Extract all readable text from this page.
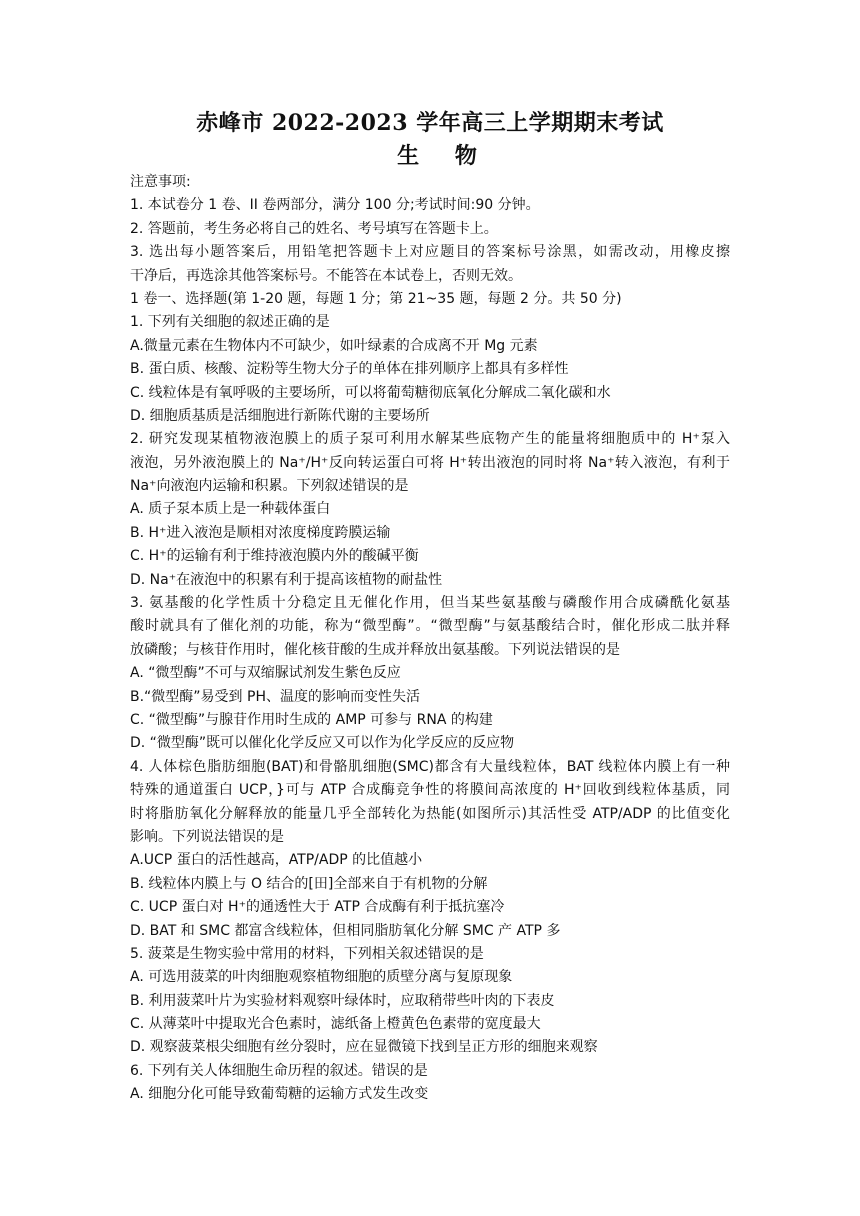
赤峰市 2022-2023 学年高三上学期期末考试
生 物
注意事项:
1. 本试卷分 1 卷、II 卷两部分，满分 100 分;考试时间:90 分钟。
2. 答题前，考生务必将自己的姓名、考号填写在答题卡上。
3. 选出每小题答案后，用铅笔把答题卡上对应题目的答案标号涂黑，如需改动，用橡皮擦
干净后，再选涂其他答案标号。不能答在本试卷上，否则无效。
1 卷一、选择题(第 1-20 题，每题 1 分；第 21~35 题，每题 2 分。共 50 分)
1. 下列有关细胞的叙述正确的是
A.微量元素在生物体内不可缺少，如叶绿素的合成离不开 Mg 元素
B. 蛋白质、核酸、淀粉等生物大分子的单体在排列顺序上都具有多样性
C. 线粒体是有氧呼吸的主要场所，可以将葡萄糖彻底氧化分解成二氧化碳和水
D. 细胞质基质是活细胞进行新陈代谢的主要场所
2. 研究发现某植物液泡膜上的质子泵可利用水解某些底物产生的能量将细胞质中的 H⁺泵入
液泡，另外液泡膜上的 Na⁺/H⁺反向转运蛋白可将 H⁺转出液泡的同时将 Na⁺转入液泡，有利于
Na⁺向液泡内运输和积累。下列叙述错误的是
A. 质子泵本质上是一种载体蛋白
B. H⁺进入液泡是顺相对浓度梯度跨膜运输
C. H⁺的运输有利于维持液泡膜内外的酸碱平衡
D. Na⁺在液泡中的积累有利于提高该植物的耐盐性
3. 氨基酸的化学性质十分稳定且无催化作用，但当某些氨基酸与磷酸作用合成磷酰化氨基
酸时就具有了催化剂的功能，称为“微型酶”。“微型酶”与氨基酸结合时，催化形成二肽并释
放磷酸；与核苷作用时，催化核苷酸的生成并释放出氨基酸。下列说法错误的是
A. “微型酶”不可与双缩脲试剂发生紫色反应
B.“微型酶”易受到 PH、温度的影响而变性失活
C. “微型酶”与腺苷作用时生成的 AMP 可参与 RNA 的构建
D. “微型酶”既可以催化化学反应又可以作为化学反应的反应物
4. 人体棕色脂肪细胞(BAT)和骨骼肌细胞(SMC)都含有大量线粒体，BAT 线粒体内膜上有一种
特殊的通道蛋白 UCP，}可与 ATP 合成酶竞争性的将膜间高浓度的 H⁺回收到线粒体基质，同
时将脂肪氧化分解释放的能量几乎全部转化为热能(如图所示)其活性受 ATP/ADP 的比值变化
影响。下列说法错误的是
A.UCP 蛋白的活性越高，ATP/ADP 的比值越小
B. 线粒体内膜上与 O 结合的[田]全部来自于有机物的分解
C. UCP 蛋白对 H⁺的通透性大于 ATP 合成酶有利于抵抗塞冷
D. BAT 和 SMC 都富含线粒体，但相同脂肪氧化分解 SMC 产 ATP 多
5. 菠菜是生物实验中常用的材料，下列相关叙述错误的是
A. 可选用菠菜的叶肉细胞观察植物细胞的质壁分离与复原现象
B. 利用菠菜叶片为实验材料观察叶绿体时，应取稍带些叶肉的下表皮
C. 从薄菜叶中提取光合色素时，滤纸备上橙黄色色素带的宽度最大
D. 观察菠菜根尖细胞有丝分裂时，应在显微镜下找到呈正方形的细胞来观察
6. 下列有关人体细胞生命历程的叙述。错误的是
A. 细胞分化可能导致葡萄糖的运输方式发生改变
